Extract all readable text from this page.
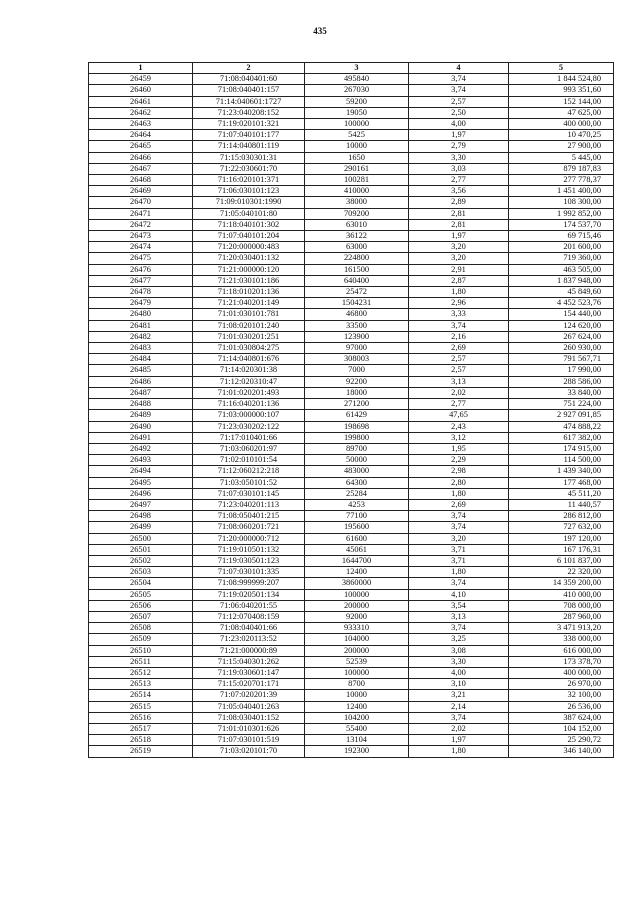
435
1	2	3	4	5
26459	71:08:040401:60	495840	3,74	1 844 524,80
26460	71:08:040401:157	267030	3,74	993 351,60
26461	71:14:040601:1727	59200	2,57	152 144,00
26462	71:23:040208:152	19050	2,50	47 625,00
26463	71:19:020101:321	100000	4,00	400 000,00
26464	71:07:040101:177	5425	1,97	10 470,25
26465	71:14:040801:119	10000	2,79	27 900,00
26466	71:15:030301:31	1650	3,30	5 445,00
26467	71:22:030601:70	290161	3,03	879 187,83
26468	71:16:020101:371	100281	2,77	277 778,37
26469	71:06:030101:123	410000	3,56	1 451 400,00
26470	71:09:010301:1990	38000	2,89	108 300,00
26471	71:05:040101:80	709200	2,81	1 992 852,00
26472	71:18:040101:302	63010	2,81	174 537,70
26473	71:07:040101:204	36122	1,97	69 715,46
26474	71:20:000000:483	63000	3,20	201 600,00
26475	71:20:030401:132	224800	3,20	719 360,00
26476	71:21:000000:120	161500	2,91	463 505,00
26477	71:21:030101:186	640400	2,87	1 837 948,00
26478	71:18:010201:136	25472	1,80	45 849,60
26479	71:21:040201:149	1504231	2,96	4 452 523,76
26480	71:01:030101:781	46800	3,33	154 440,00
26481	71:08:020101:240	33500	3,74	124 620,00
26482	71:01:030201:251	123900	2,16	267 624,00
26483	71:01:030804:275	97000	2,69	260 930,00
26484	71:14:040801:676	308003	2,57	791 567,71
26485	71:14:020301:38	7000	2,57	17 990,00
26486	71:12:020310:47	92200	3,13	288 586,00
26487	71:01:020201:493	18000	2,02	33 840,00
26488	71:16:040201:136	271200	2,77	751 224,00
26489	71:03:000000:107	61429	47,65	2 927 091,85
26490	71:23:030202:122	198698	2,43	474 888,22
26491	71:17:010401:66	199800	3,12	617 382,00
26492	71:03:060201:97	89700	1,95	174 915,00
26493	71:02:010101:54	50000	2,29	114 500,00
26494	71:12:060212:218	483000	2,98	1 439 340,00
26495	71:03:050101:52	64300	2,80	177 468,00
26496	71:07:030101:145	25284	1,80	45 511,20
26497	71:23:040201:113	4253	2,69	11 440,57
26498	71:08:050401:215	77100	3,74	286 812,00
26499	71:08:060201:721	195600	3,74	727 632,00
26500	71:20:000000:712	61600	3,20	197 120,00
26501	71:19:010501:132	45061	3,71	167 176,31
26502	71:19:030501:123	1644700	3,71	6 101 837,00
26503	71:07:030101:335	12400	1,80	22 320,00
26504	71:08:999999:207	3860000	3,74	14 359 200,00
26505	71:19:020501:134	100000	4,10	410 000,00
26506	71:06:040201:55	200000	3,54	708 000,00
26507	71:12:070408:159	92000	3,13	287 960,00
26508	71:08:040401:66	933310	3,74	3 471 913,20
26509	71:23:020113:52	104000	3,25	338 000,00
26510	71:21:000000:89	200000	3,08	616 000,00
26511	71:15:040301:262	52539	3,30	173 378,70
26512	71:19:030601:147	100000	4,00	400 000,00
26513	71:15:020701:171	8700	3,10	26 970,00
26514	71:07:020201:39	10000	3,21	32 100,00
26515	71:05:040401:263	12400	2,14	26 536,00
26516	71:08:030401:152	104200	3,74	387 624,00
26517	71:01:010301:626	55400	2,02	104 152,00
26518	71:07:030101:519	13104	1,97	25 290,72
26519	71:03:020101:70	192300	1,80	346 140,00
